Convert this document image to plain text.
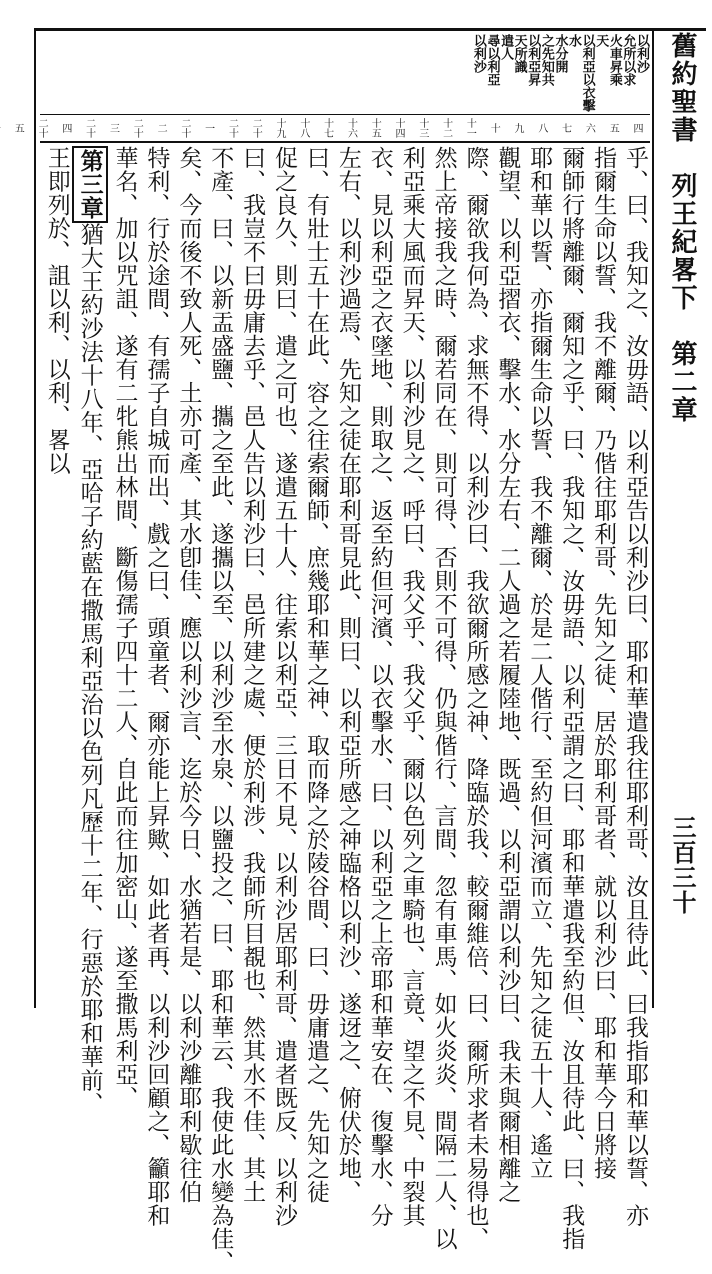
舊約聖書列王紀畧下第二章
三百三十
以利沙
允所以求
火車昇乘
天
以利亞以衣擊水
水分開
之先知共
以利亞昇
天所識
遣人
尋以利亞
以利沙
四
五
六
七
八
九
十
十一
十二
十三
十四
十五
十六
十七
十八
十九
二十
二十一
二十二
二十三
二十四
二十五
乎、曰、我知之、汝毋語、以利亞告以利沙曰、耶和華遣我往耶利哥、汝且待此、曰我指耶和華以誓、亦
指爾生命以誓、我不離爾、乃偕往耶利哥、先知之徒、居於耶利哥者、就以利沙曰、耶和華今日將接
爾師行將離爾、爾知之乎、曰、我知之、汝毋語、以利亞謂之曰、耶和華遣我至約但、汝且待此、曰、我指
耶和華以誓、亦指爾生命以誓、我不離爾、於是二人偕行、至約但河濱而立、先知之徒五十人、遙立
觀望、以利亞摺衣、擊水、水分左右、二人過之若履陸地、既過、以利亞謂以利沙曰、我未與爾相離之
際、爾欲我何為、求無不得、以利沙曰、我欲爾所感之神、降臨於我、較爾維倍、曰、爾所求者未易得也、
然上帝接我之時、爾若同在、則可得、否則不可得、仍與偕行、言間、忽有車馬、如火炎炎、間隔二人、以
利亞乘大風而昇天、以利沙見之、呼曰、我父乎、我父乎、爾以色列之車騎也、言竟、望之不見、中裂其
衣、見以利亞之衣墜地、則取之、返至約但河濱、以衣擊水、曰、以利亞之上帝耶和華安在、復擊水、分
左右、以利沙過焉、先知之徒在耶利哥見此、則曰、以利亞所感之神臨格以利沙、遂迓之、俯伏於地、
曰、有壯士五十在此、容之往索爾師、庶幾耶和華之神、取而降之於陵谷間、曰、毋庸遣之、先知之徒
促之良久、則曰、遣之可也、遂遣五十人、往索以利亞、三日不見、以利沙居耶利哥、遣者既反、以利沙
曰、我豈不曰毋庸去乎、邑人告以利沙曰、邑所建之處、便於利涉、我師所目覩也、然其水不佳、其土
不產、曰、以新盂盛鹽、攜之至此、遂攜以至、以利沙至水泉、以鹽投之、曰、耶和華云、我使此水變為佳、
矣、今而後不致人死、土亦可產、其水卽佳、應以利沙言、迄於今日、水猶若是、以利沙離耶利歇往伯
特利、行於途間、有孺子自城而出、戲之曰、頭童者、爾亦能上昇歟、如此者再、以利沙回顧之、籲耶和
華名、加以咒詛、遂有二牝熊出林間、斷傷孺子四十二人、自此而往加密山、遂至撒馬利亞、
第三章猶大王約沙法十八年、亞哈子約藍在撒馬利亞治以色列凡歷十二年、行惡於耶和華前、
王即列於、詛以利、以利、畧以
